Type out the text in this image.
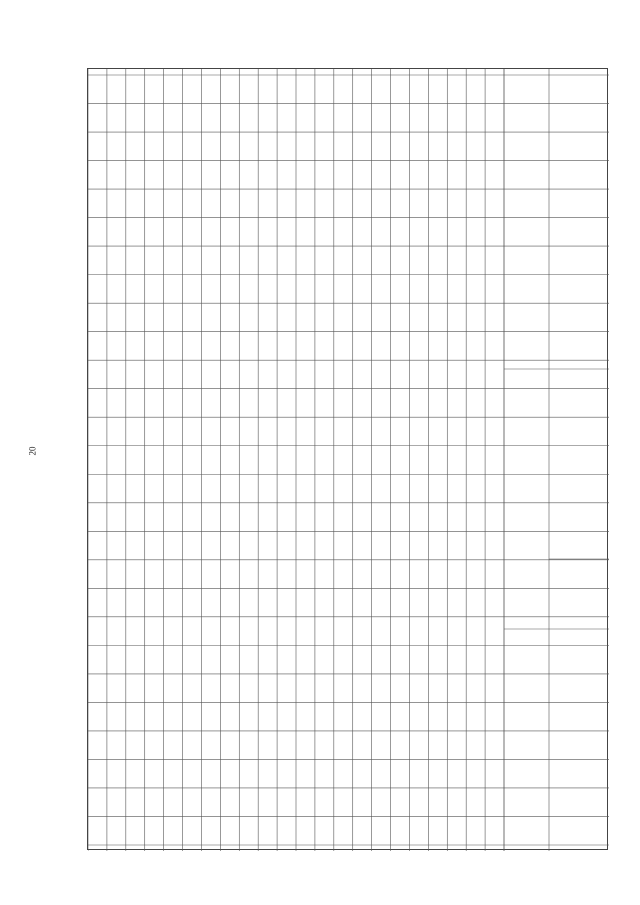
20
